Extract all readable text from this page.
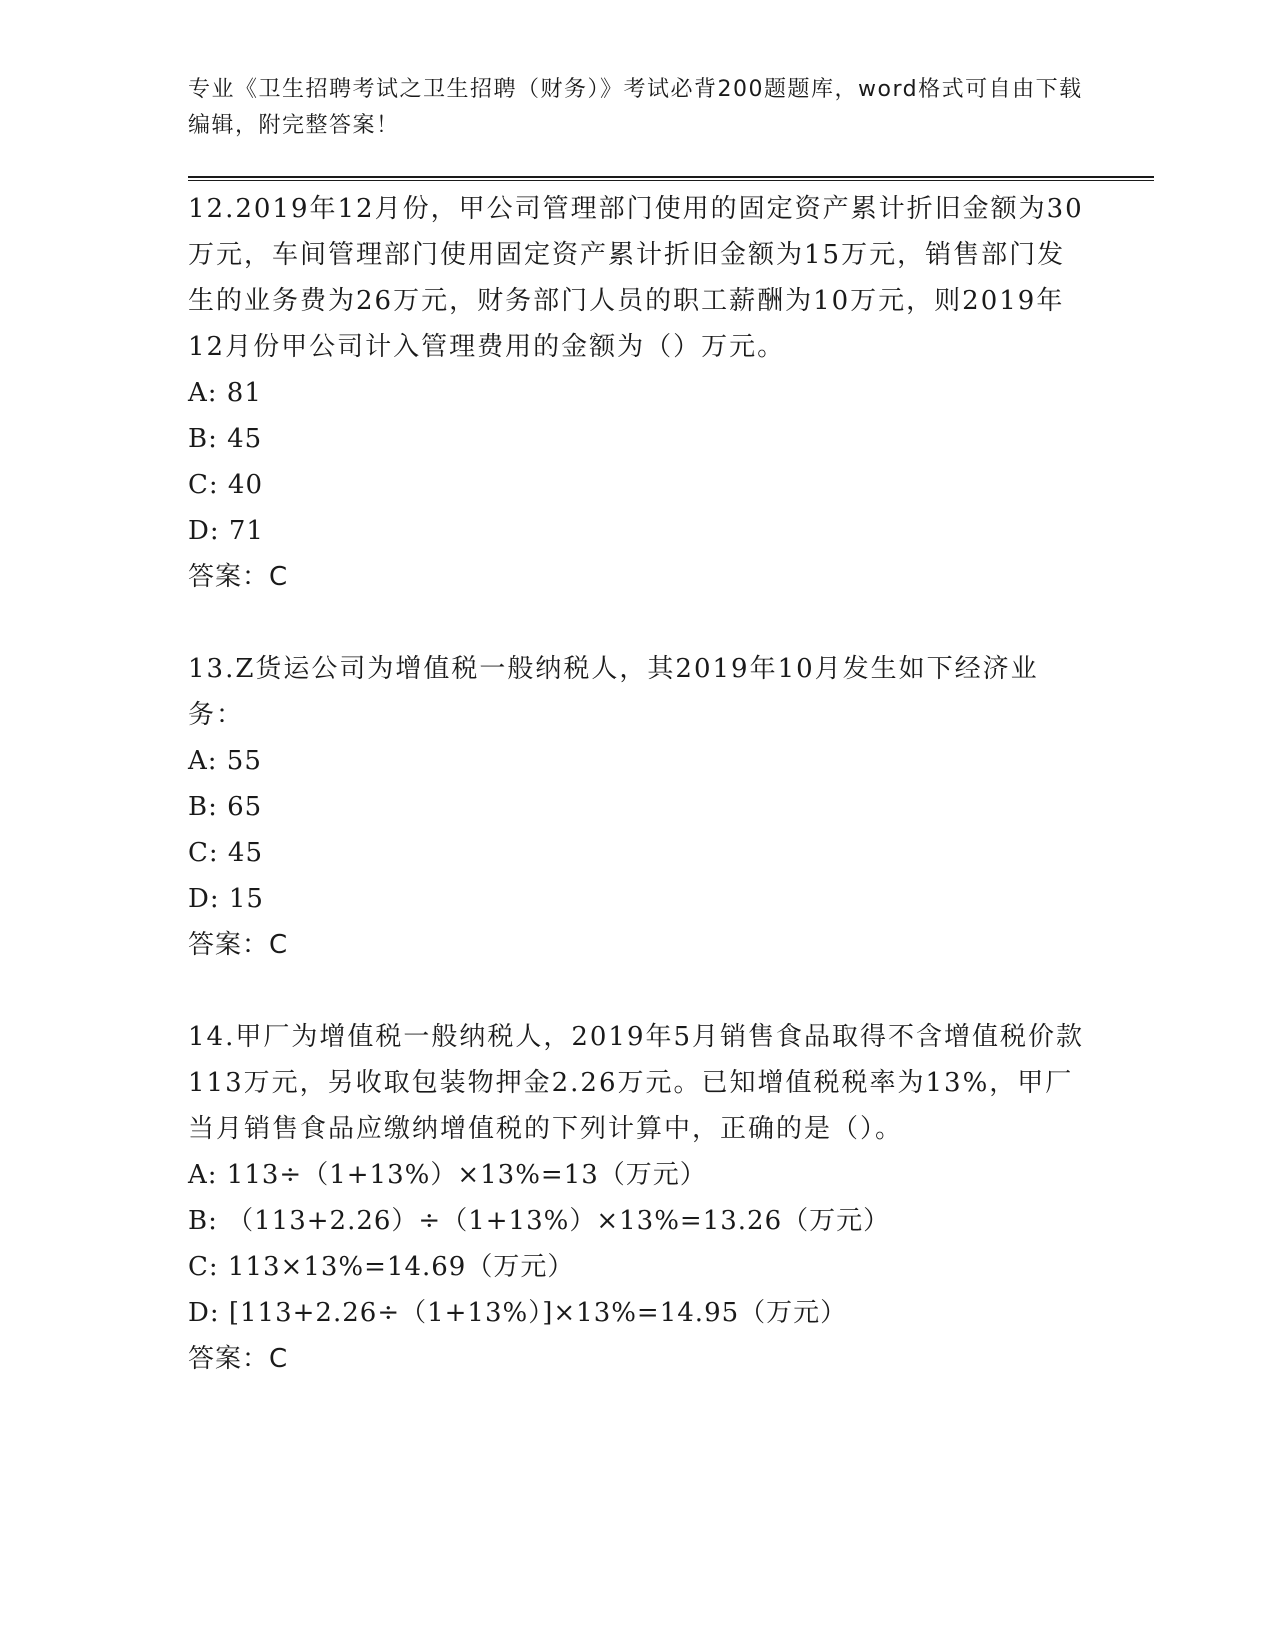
专业《卫生招聘考试之卫生招聘（财务）》考试必背200题题库，word格式可自由下载编辑，附完整答案！
12.2019年12月份，甲公司管理部门使用的固定资产累计折旧金额为30万元，车间管理部门使用固定资产累计折旧金额为15万元，销售部门发生的业务费为26万元，财务部门人员的职工薪酬为10万元，则2019年12月份甲公司计入管理费用的金额为（）万元。
A: 81
B: 45
C: 40
D: 71
答案：C
13.Z货运公司为增值税一般纳税人，其2019年10月发生如下经济业务：
A: 55
B: 65
C: 45
D: 15
答案：C
14.甲厂为增值税一般纳税人，2019年5月销售食品取得不含增值税价款113万元，另收取包装物押金2.26万元。已知增值税税率为13%，甲厂当月销售食品应缴纳增值税的下列计算中，正确的是（）。
A: 113÷（1+13%）×13%=13（万元）
B: （113+2.26）÷（1+13%）×13%=13.26（万元）
C: 113×13%=14.69（万元）
D: [113+2.26÷（1+13%）]×13%=14.95（万元）
答案：C
